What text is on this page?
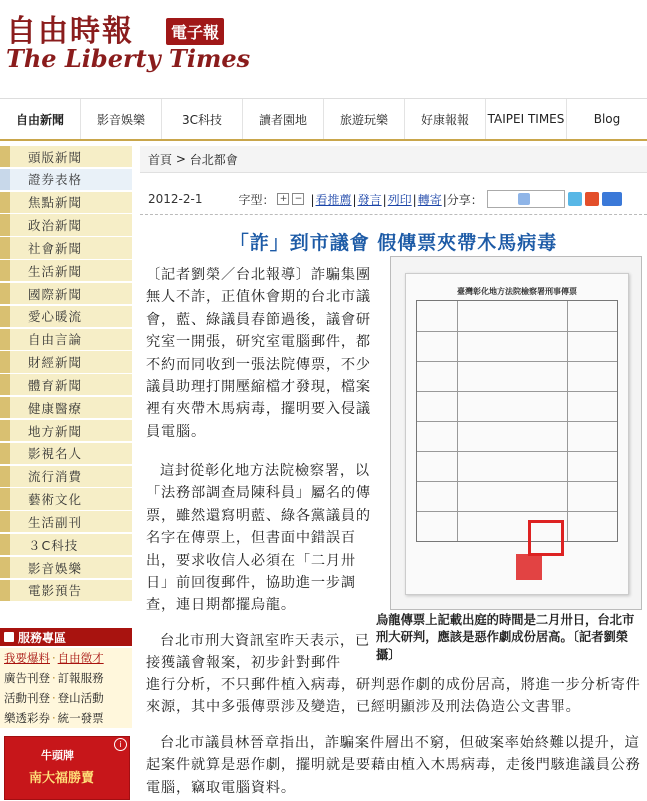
自由時報	電子報
The Liberty Times
自由新聞	影音娛樂	3C科技	讀者園地	旅遊玩樂	好康報報	TAIPEI TIMES	Blog
頭版新聞
證券表格
焦點新聞
政治新聞
社會新聞
生活新聞
國際新聞
愛心暖流
自由言論
財經新聞
體育新聞
健康醫療
地方新聞
影視名人
流行消費
藝術文化
生活副刊
３C科技
影音娛樂
電影預告
服務專區
我要爆料 ‧ 自由徵才
廣告刊登 ‧ 訂報服務
活動刊登 ‧ 登山活動
樂透彩券 ‧ 統一發票
i
牛頭牌
南大福勝賣
首頁 > 台北都會
2012-2-1	字型： + − |看推薦|發言|列印|轉寄| 分享：
「詐」到市議會 假傳票夾帶木馬病毒
〔記者劉榮／台北報導〕詐騙集團無人不詐，正值休會期的台北市議會，藍、綠議員春節過後，議會研究室一開張，研究室電腦郵件，都不約而同收到一張法院傳票，不少議員助理打開壓縮檔才發現，檔案裡有夾帶木馬病毒，擺明要入侵議員電腦。
這封從彰化地方法院檢察署，以「法務部調查局陳科員」屬名的傳票，雖然還寫明藍、綠各黨議員的名字在傳票上，但書面中錯誤百出，要求收信人必須在「二月卅日」前回復郵件，協助進一步調查，連日期都擺烏龍。
台北市刑大資訊室昨天表示，已接獲議會報案，初步針對郵件
進行分析，不只郵件植入病毒，研判惡作劇的成份居高，將進一步分析寄件來源，其中多張傳票涉及變造，已經明顯涉及刑法偽造公文書罪。
台北市議員林晉章指出，詐騙案件層出不窮，但破案率始終難以提升，這起案件就算是惡作劇，擺明就是要藉由植入木馬病毒，走後門駭進議員公務電腦，竊取電腦資料。
臺灣彰化地方法院檢察署刑事傳票
烏龍傳票上記載出庭的時間是二月卅日，台北市刑大研判，應該是惡作劇成份居高。〔記者劉榮攝〕
